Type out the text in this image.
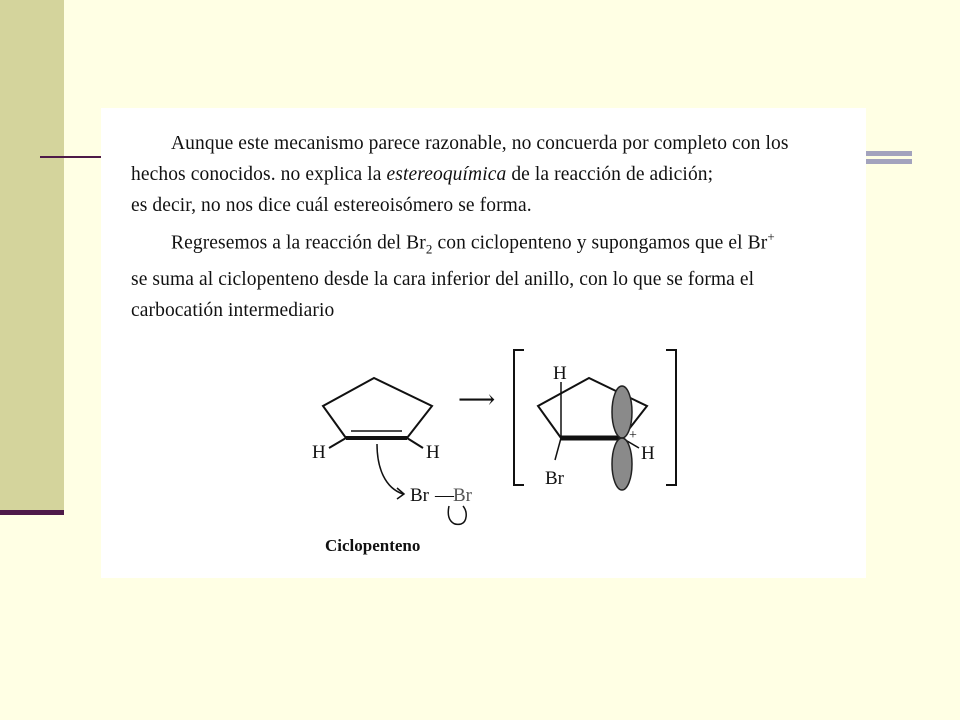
Aunque este mecanismo parece razonable, no concuerda por completo con los
hechos conocidos. no explica la estereoquímica de la reacción de adición;
es decir, no nos dice cuál estereoisómero se forma.

Regresemos a la reacción del $Br_2$ con ciclopenteno y supongamos que el Br+
se suma al ciclopenteno desde la cara inferior del anillo, con lo que se forma el
carbocatión intermediario

H	H
Br — Br
Ciclopenteno
⟶
H
Br
H
+
